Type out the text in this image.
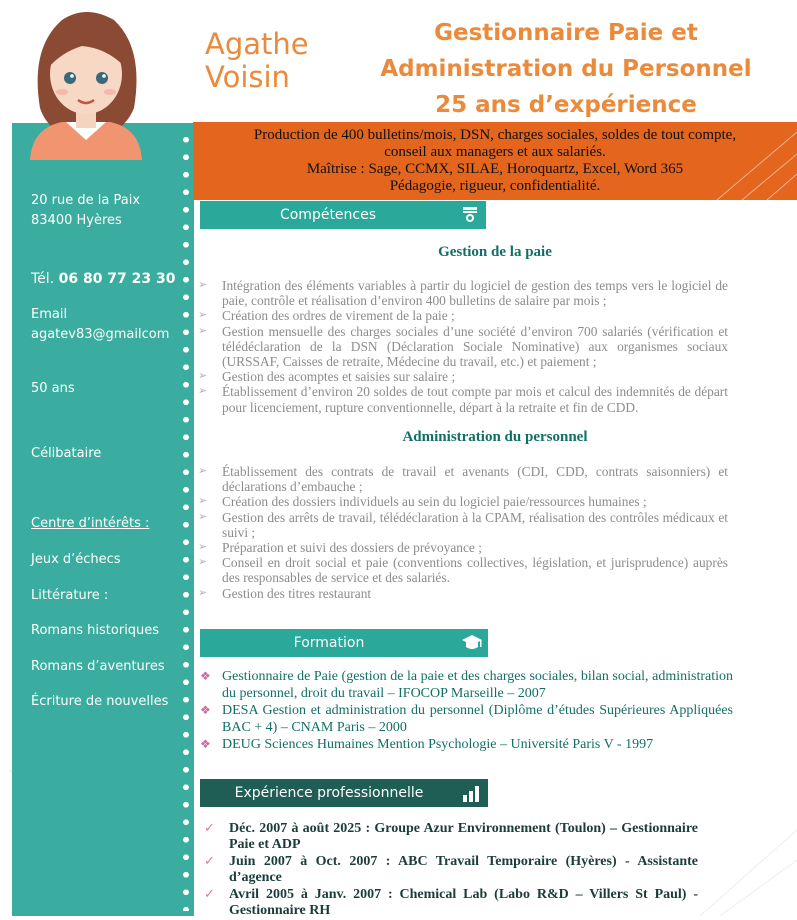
20 rue de la Paix
83400 Hyères
Tél. 06 80 77 23 30
Email
agatev83@gmailcom
50 ans
Célibataire
Centre d’intérêts :
Jeux d’échecs
Littérature :
Romans historiques
Romans d’aventures
Écriture de nouvelles
Agathe
Voisin
Gestionnaire Paie et
Administration du Personnel
25 ans d’expérience
Production de 400 bulletins/mois, DSN, charges sociales, soldes de tout compte,
conseil aux managers et aux salariés.
Maîtrise : Sage, CCMX, SILAE, Horoquartz, Excel, Word 365
Pédagogie, rigueur, confidentialité.
Compétences
Gestion de la paie
➢ Intégration des éléments variables à partir du logiciel de gestion des temps vers le logiciel de paie, contrôle et réalisation d’environ 400 bulletins de salaire par mois ;
➢ Création des ordres de virement de la paie ;
➢ Gestion mensuelle des charges sociales d’une société d’environ 700 salariés (vérification et télédéclaration de la DSN (Déclaration Sociale Nominative) aux organismes sociaux (URSSAF, Caisses de retraite, Médecine du travail, etc.) et paiement ;
➢ Gestion des acomptes et saisies sur salaire ;
➢ Établissement d’environ 20 soldes de tout compte par mois et calcul des indemnités de départ pour licenciement, rupture conventionnelle, départ à la retraite et fin de CDD.
Administration du personnel
➢ Établissement des contrats de travail et avenants (CDI, CDD, contrats saisonniers) et déclarations d’embauche ;
➢ Création des dossiers individuels au sein du logiciel paie/ressources humaines ;
➢ Gestion des arrêts de travail, télédéclaration à la CPAM, réalisation des contrôles médicaux et suivi ;
➢ Préparation et suivi des dossiers de prévoyance ;
➢ Conseil en droit social et paie (conventions collectives, législation, et jurisprudence) auprès des responsables de service et des salariés.
➢ Gestion des titres restaurant
Formation
❖ Gestionnaire de Paie (gestion de la paie et des charges sociales, bilan social, administration du personnel, droit du travail – IFOCOP Marseille – 2007
❖ DESA Gestion et administration du personnel (Diplôme d’études Supérieures Appliquées BAC + 4) – CNAM Paris – 2000
❖ DEUG Sciences Humaines Mention Psychologie – Université Paris V - 1997
Expérience professionnelle
✓ Déc. 2007 à août 2025 : Groupe Azur Environnement (Toulon) – Gestionnaire Paie et ADP
✓ Juin 2007 à Oct. 2007 : ABC Travail Temporaire (Hyères) - Assistante d’agence
✓ Avril 2005 à Janv. 2007 : Chemical Lab (Labo R&D – Villers St Paul) - Gestionnaire RH
